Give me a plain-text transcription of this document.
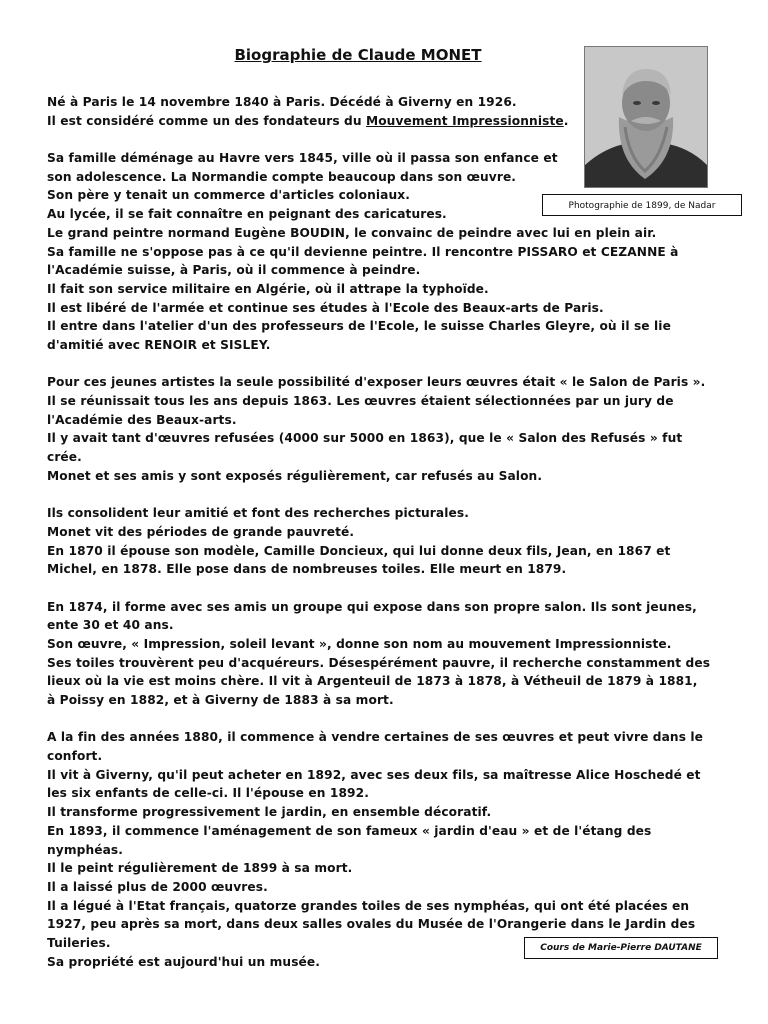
Biographie de Claude MONET
Photographie de 1899, de Nadar
Né à Paris le 14 novembre 1840 à Paris. Décédé à Giverny en 1926.
Il est considéré comme un des fondateurs du Mouvement Impressionniste.
Sa famille déménage au Havre vers 1845, ville où il passa son enfance et
son adolescence. La Normandie compte beaucoup dans son œuvre.
Son père y tenait un commerce d'articles coloniaux.
Au lycée, il se fait connaître en peignant des caricatures.
Le grand peintre normand Eugène BOUDIN, le convainc de peindre avec lui en plein air.
Sa famille ne s'oppose pas à ce qu'il devienne peintre. Il rencontre PISSARO et CEZANNE à
l'Académie suisse, à Paris, où il commence à peindre.
Il fait son service militaire en Algérie, où il attrape la typhoïde.
Il est libéré de l'armée et continue ses études à l'Ecole des Beaux-arts de Paris.
Il entre dans l'atelier d'un des professeurs de l'Ecole, le suisse Charles Gleyre, où il se lie
d'amitié avec RENOIR et SISLEY.
Pour ces jeunes artistes la seule possibilité d'exposer leurs œuvres était « le Salon de Paris ».
Il se réunissait tous les ans depuis 1863. Les œuvres étaient sélectionnées par un jury de
l'Académie des Beaux-arts.
Il y avait tant d'œuvres refusées (4000 sur 5000 en 1863), que le « Salon des Refusés » fut
crée.
Monet et ses amis y sont exposés régulièrement, car refusés au Salon.
Ils consolident leur amitié et font des recherches picturales.
Monet vit des périodes de grande pauvreté.
En 1870 il épouse son modèle, Camille Doncieux, qui lui donne deux fils, Jean, en 1867 et
Michel, en 1878. Elle pose dans de nombreuses toiles. Elle meurt en 1879.
En 1874, il forme avec ses amis un groupe qui expose dans son propre salon. Ils sont jeunes,
ente 30 et 40 ans.
Son œuvre, « Impression, soleil levant », donne son nom au mouvement Impressionniste.
Ses toiles trouvèrent peu d'acquéreurs. Désespérément pauvre, il recherche constamment des
lieux où la vie est moins chère. Il vit à Argenteuil de 1873 à 1878, à Vétheuil de 1879 à 1881,
à Poissy en 1882, et à Giverny de 1883 à sa mort.
A la fin des années 1880, il commence à vendre certaines de ses œuvres et peut vivre dans le
confort.
Il vit à Giverny, qu'il peut acheter en 1892, avec ses deux fils, sa maîtresse Alice Hoschedé et
les six enfants de celle-ci. Il l'épouse en 1892.
Il transforme progressivement le jardin, en ensemble décoratif.
En 1893, il commence l'aménagement de son fameux « jardin d'eau » et de l'étang des
nymphéas.
Il le peint régulièrement de 1899 à sa mort.
Il a laissé plus de 2000 œuvres.
Il a légué à l'Etat français, quatorze grandes toiles de ses nymphéas, qui ont été placées en
1927, peu après sa mort, dans deux salles ovales du Musée de l'Orangerie dans le Jardin des
Tuileries.
Sa propriété est aujourd'hui un musée.
Cours de Marie-Pierre DAUTANE
